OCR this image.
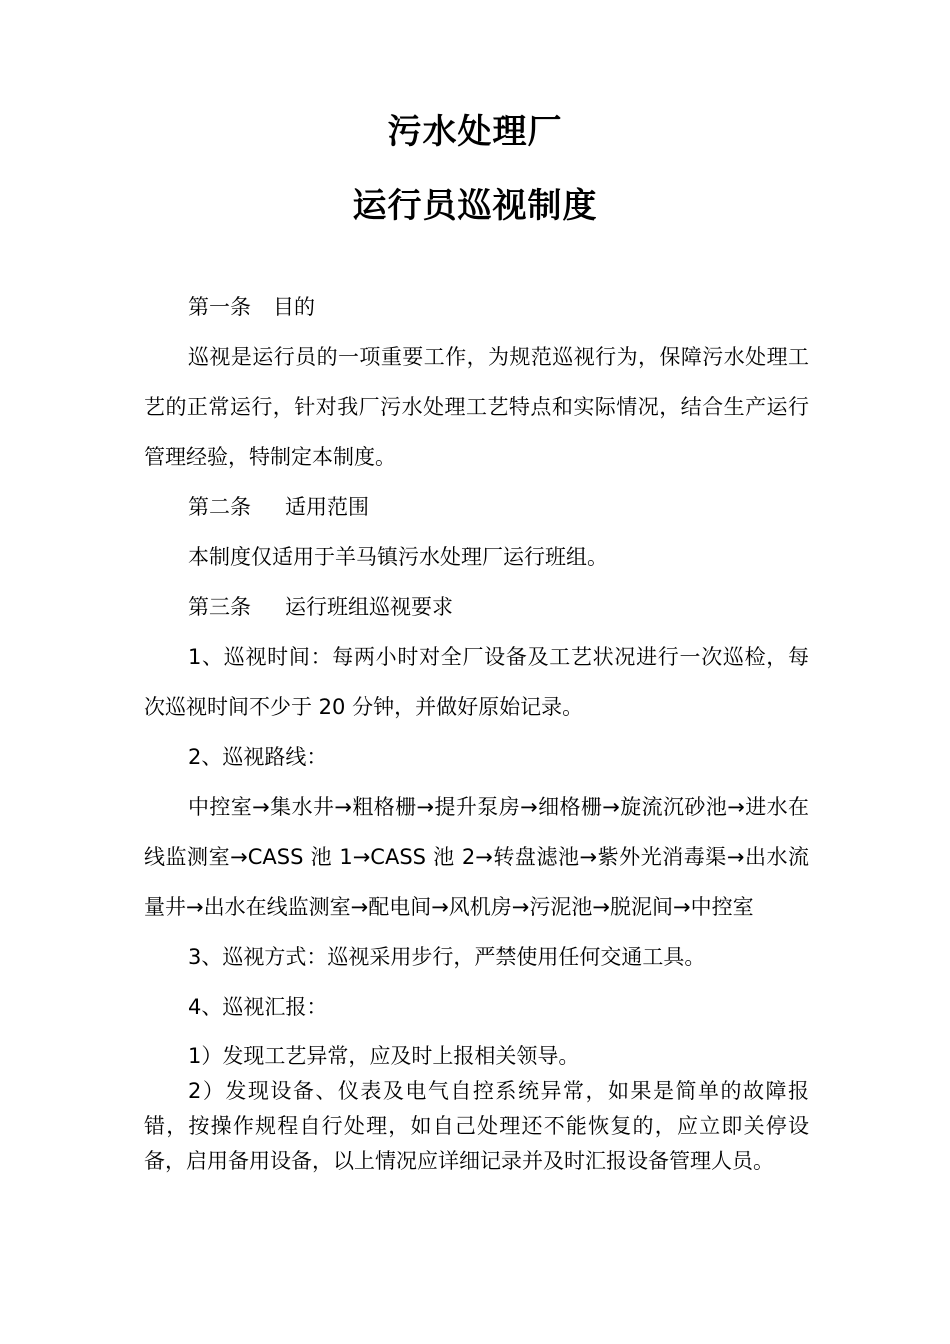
污水处理厂
运行员巡视制度

第一条 目的

巡视是运行员的一项重要工作，为规范巡视行为，保障污水处理工艺的正常运行，针对我厂污水处理工艺特点和实际情况，结合生产运行管理经验，特制定本制度。

第二条 适用范围

本制度仅适用于羊马镇污水处理厂运行班组。

第三条 运行班组巡视要求

1、巡视时间：每两小时对全厂设备及工艺状况进行一次巡检，每次巡视时间不少于 20 分钟，并做好原始记录。

2、巡视路线：

中控室→集水井→粗格栅→提升泵房→细格栅→旋流沉砂池→进水在线监测室→CASS 池 1→CASS 池 2→转盘滤池→紫外光消毒渠→出水流量井→出水在线监测室→配电间→风机房→污泥池→脱泥间→中控室

3、巡视方式：巡视采用步行，严禁使用任何交通工具。

4、巡视汇报：

1）发现工艺异常，应及时上报相关领导。

2）发现设备、仪表及电气自控系统异常，如果是简单的故障报错，按操作规程自行处理，如自己处理还不能恢复的，应立即关停设备，启用备用设备，以上情况应详细记录并及时汇报设备管理人员。
